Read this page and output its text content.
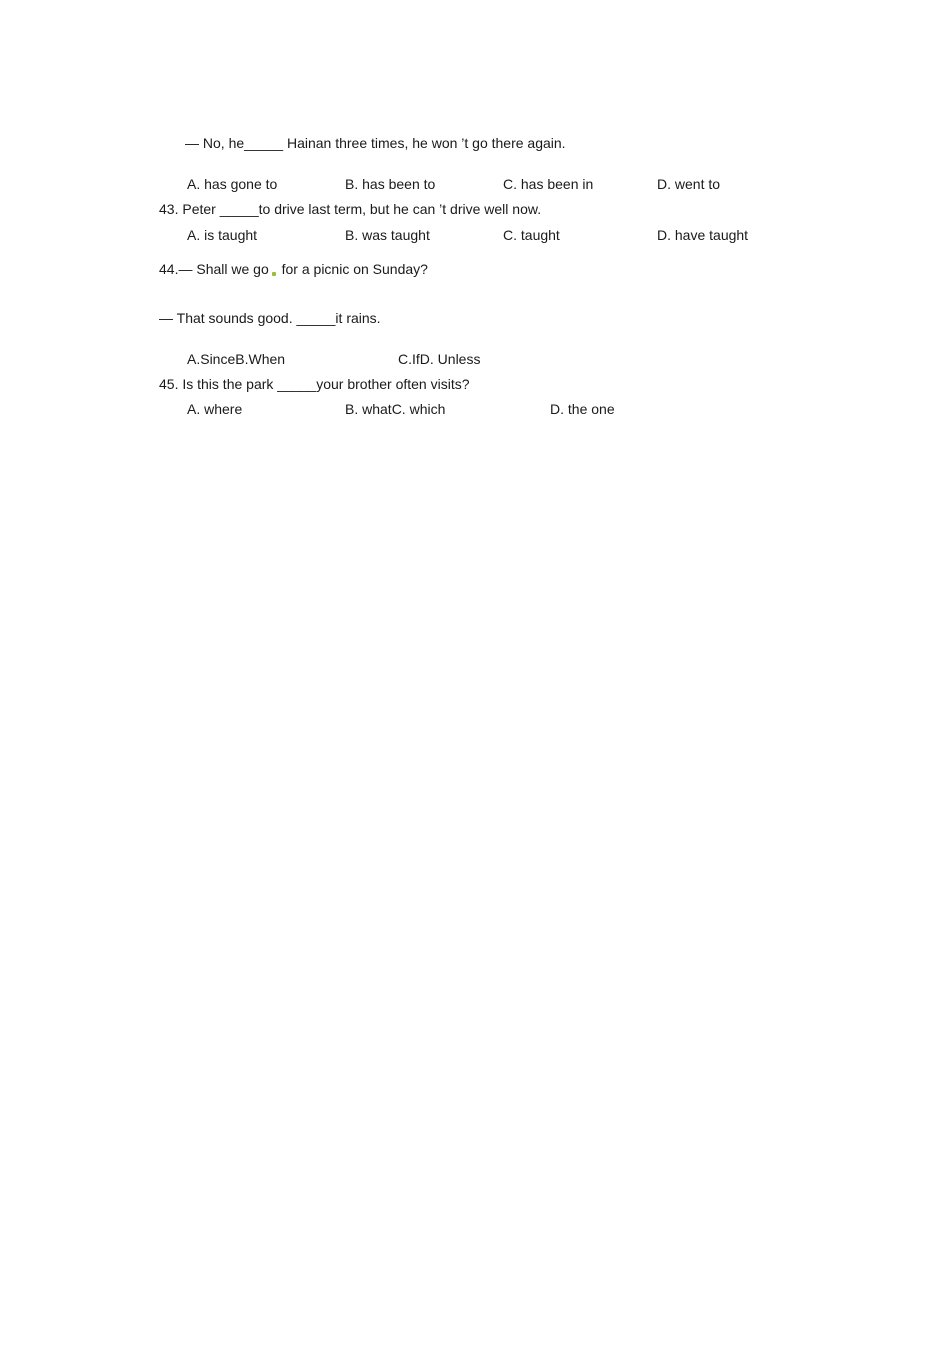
— No, he_____ Hainan three times, he won ’t go there again.
A. has gone to	B. has been to	C. has been in	D. went to
43. Peter _____to drive last term, but he can ’t drive well now.
A. is taught	B. was taught	C. taught	D. have taught
44.— Shall we go for a picnic on Sunday?
— That sounds good. _____it rains.
A.SinceB.When	C.IfD. Unless
45. Is this the park _____your brother often visits?
A. where	B. whatC. which	D. the one
